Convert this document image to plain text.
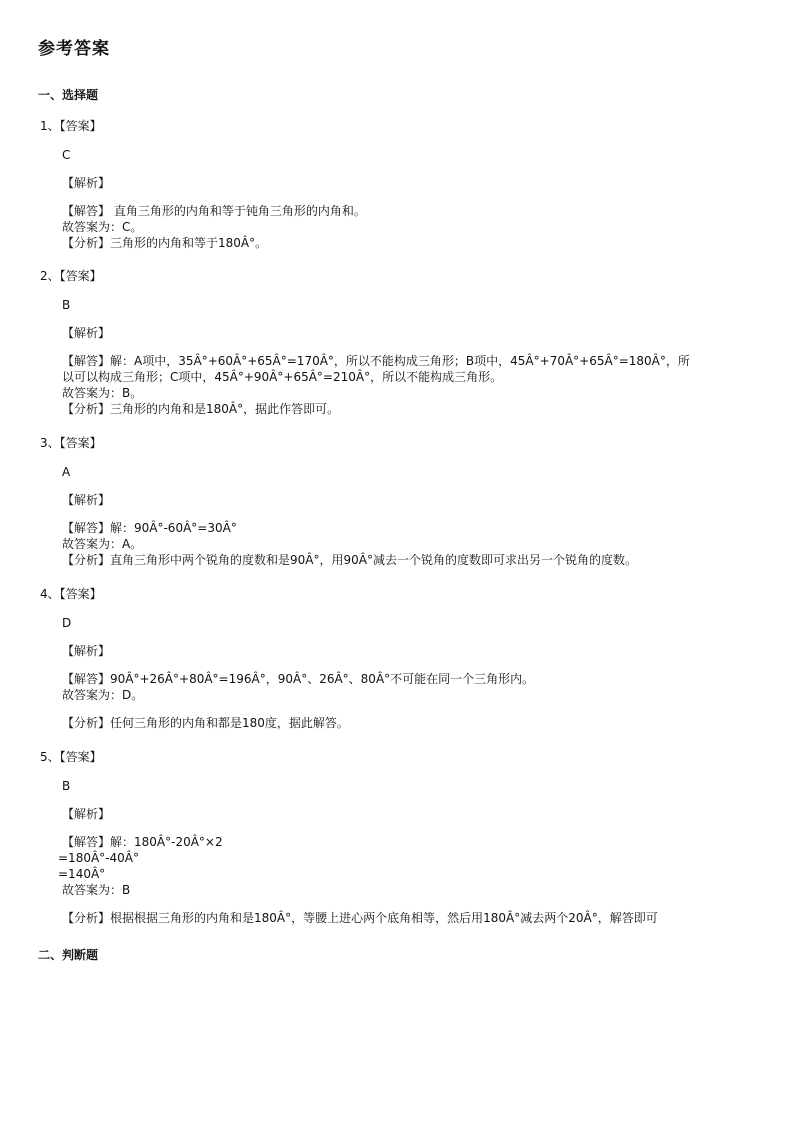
参考答案
一、选择题
1、【答案】
C
【解析】
【解答】 直角三角形的内角和等于钝角三角形的内角和。
故答案为：C。
【分析】三角形的内角和等于180Â°。
2、【答案】
B
【解析】
【解答】解：A项中，35Â°+60Â°+65Â°=170Â°，所以不能构成三角形；B项中，45Â°+70Â°+65Â°=180Â°，所
以可以构成三角形；C项中，45Â°+90Â°+65Â°=210Â°，所以不能构成三角形。
故答案为：B。
【分析】三角形的内角和是180Â°，据此作答即可。
3、【答案】
A
【解析】
【解答】解：90Â°-60Â°=30Â°
故答案为：A。
【分析】直角三角形中两个锐角的度数和是90Â°，用90Â°减去一个锐角的度数即可求出另一个锐角的度数。
4、【答案】
D
【解析】
【解答】90Â°+26Â°+80Â°=196Â°，90Â°、26Â°、80Â°不可能在同一个三角形内。
故答案为：D。
【分析】任何三角形的内角和都是180度，据此解答。
5、【答案】
B
【解析】
【解答】解：180Â°-20Â°×2
=180Â°-40Â°
=140Â°
故答案为：B
【分析】根据根据三角形的内角和是180Â°，等腰上进心两个底角相等，然后用180Â°减去两个20Â°，解答即可
二、判断题
